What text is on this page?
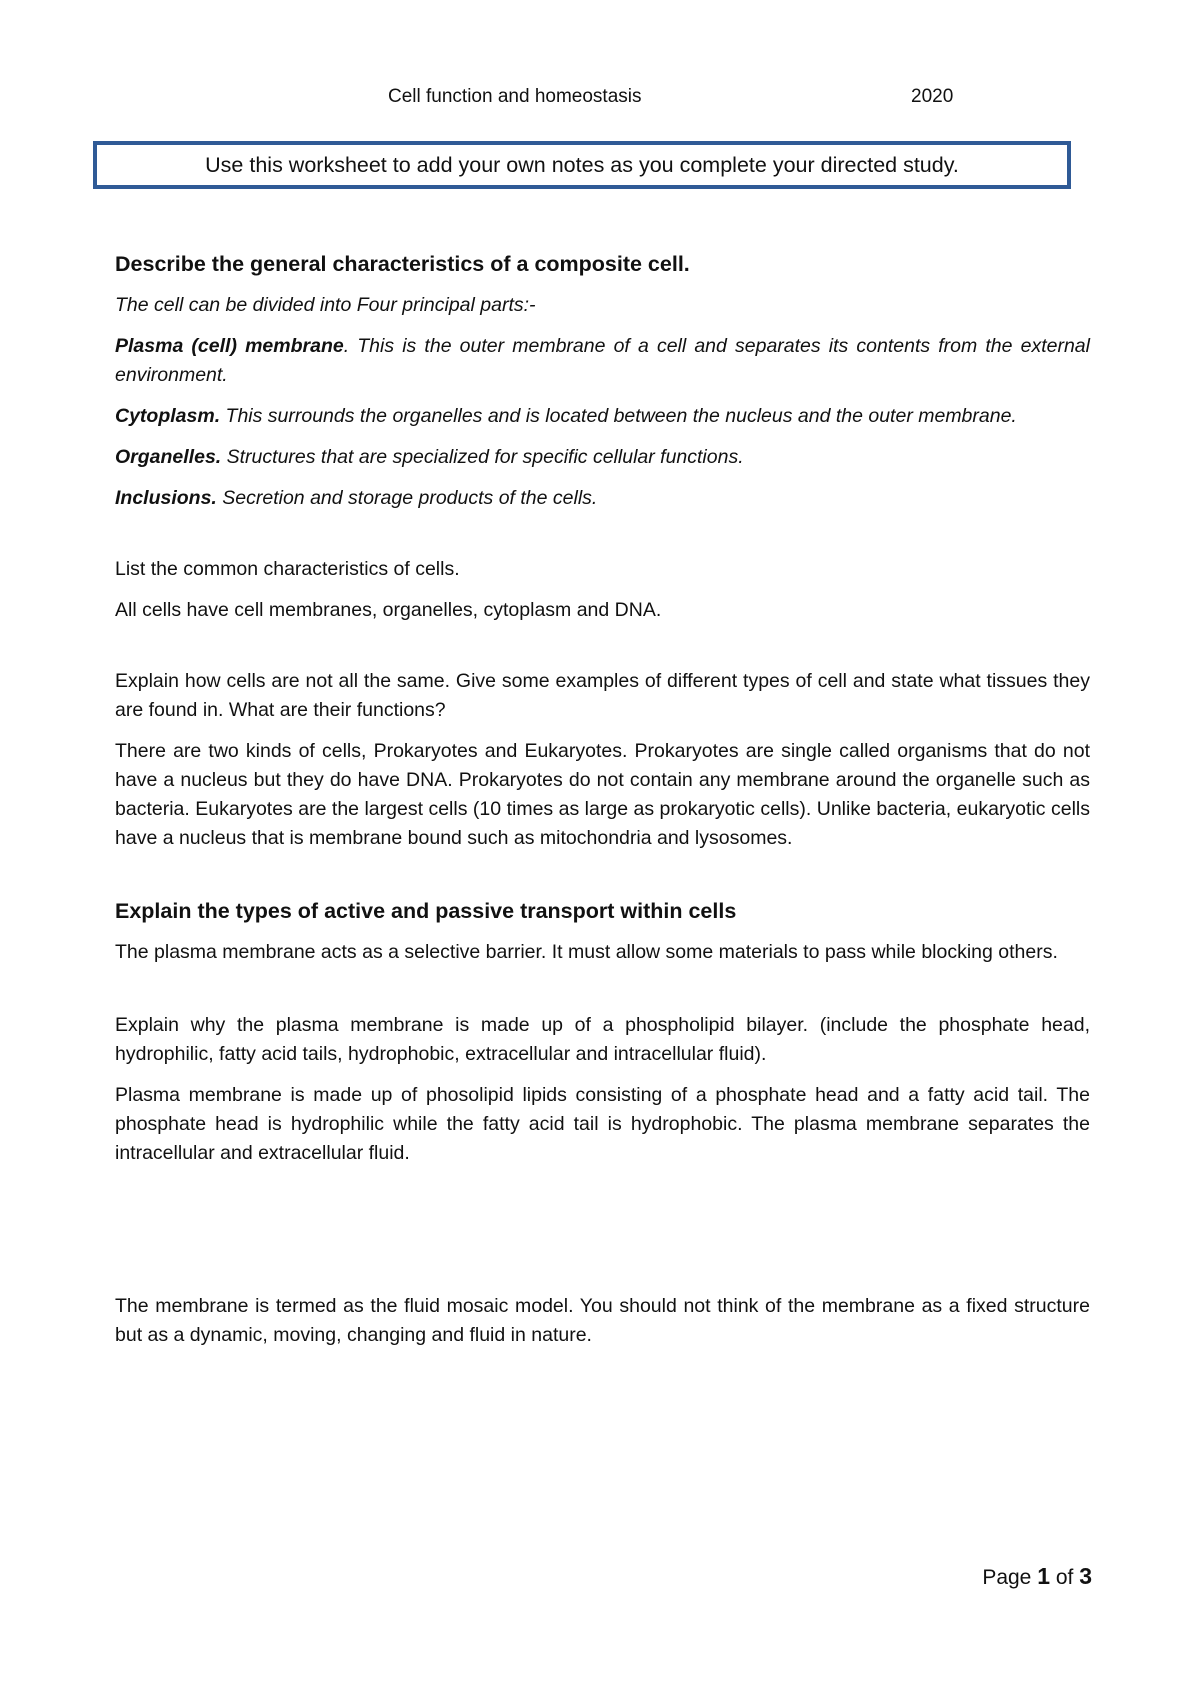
Cell function and homeostasis	2020
Use this worksheet to add your own notes as you complete your directed study.

Describe the general characteristics of a composite cell.

The cell can be divided into Four principal parts:-

Plasma (cell) membrane. This is the outer membrane of a cell and separates its contents from the external environment.

Cytoplasm. This surrounds the organelles and is located between the nucleus and the outer membrane.

Organelles. Structures that are specialized for specific cellular functions.

Inclusions. Secretion and storage products of the cells.

List the common characteristics of cells.

All cells have cell membranes, organelles, cytoplasm and DNA.

Explain how cells are not all the same. Give some examples of different types of cell and state what tissues they are found in. What are their functions?

There are two kinds of cells, Prokaryotes and Eukaryotes. Prokaryotes are single called organisms that do not have a nucleus but they do have DNA. Prokaryotes do not contain any membrane around the organelle such as bacteria. Eukaryotes are the largest cells (10 times as large as prokaryotic cells). Unlike bacteria, eukaryotic cells have a nucleus that is membrane bound such as mitochondria and lysosomes.

Explain the types of active and passive transport within cells

The plasma membrane acts as a selective barrier. It must allow some materials to pass while blocking others.

Explain why the plasma membrane is made up of a phospholipid bilayer. (include the phosphate head, hydrophilic, fatty acid tails, hydrophobic, extracellular and intracellular fluid).

Plasma membrane is made up of phosolipid lipids consisting of a phosphate head and a fatty acid tail. The phosphate head is hydrophilic while the fatty acid tail is hydrophobic. The plasma membrane separates the intracellular and extracellular fluid.

The membrane is termed as the fluid mosaic model. You should not think of the membrane as a fixed structure but as a dynamic, moving, changing and fluid in nature.

Page 1 of 3
